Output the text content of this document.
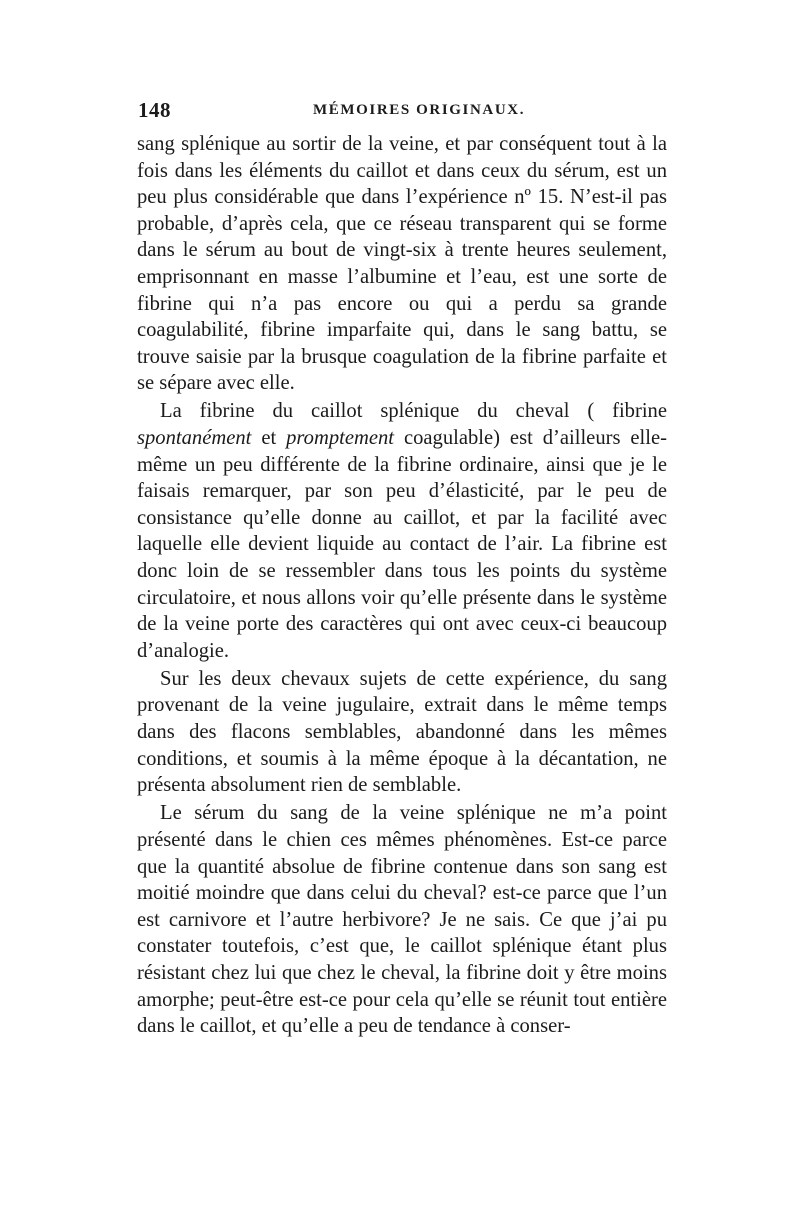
148	MÉMOIRES ORIGINAUX.

sang splénique au sortir de la veine, et par conséquent tout à la fois dans les éléments du caillot et dans ceux du sérum, est un peu plus considérable que dans l’expérience nº 15. N’est-il pas probable, d’après cela, que ce réseau transparent qui se forme dans le sérum au bout de vingt-six à trente heures seulement, emprisonnant en masse l’albumine et l’eau, est une sorte de fibrine qui n’a pas encore ou qui a perdu sa grande coagulabilité, fibrine imparfaite qui, dans le sang battu, se trouve saisie par la brusque coagulation de la fibrine parfaite et se sépare avec elle.

La fibrine du caillot splénique du cheval ( fibrine spontanément et promptement coagulable) est d’ailleurs elle-même un peu différente de la fibrine ordinaire, ainsi que je le faisais remarquer, par son peu d’élasticité, par le peu de consistance qu’elle donne au caillot, et par la facilité avec laquelle elle devient liquide au contact de l’air. La fibrine est donc loin de se ressembler dans tous les points du système circulatoire, et nous allons voir qu’elle présente dans le système de la veine porte des caractères qui ont avec ceux-ci beaucoup d’analogie.

Sur les deux chevaux sujets de cette expérience, du sang provenant de la veine jugulaire, extrait dans le même temps dans des flacons semblables, abandonné dans les mêmes conditions, et soumis à la même époque à la décantation, ne présenta absolument rien de semblable.

Le sérum du sang de la veine splénique ne m’a point présenté dans le chien ces mêmes phénomènes. Est-ce parce que la quantité absolue de fibrine contenue dans son sang est moitié moindre que dans celui du cheval? est-ce parce que l’un est carnivore et l’autre herbivore? Je ne sais. Ce que j’ai pu constater toutefois, c’est que, le caillot splénique étant plus résistant chez lui que chez le cheval, la fibrine doit y être moins amorphe; peut-être est-ce pour cela qu’elle se réunit tout entière dans le caillot, et qu’elle a peu de tendance à conser-
